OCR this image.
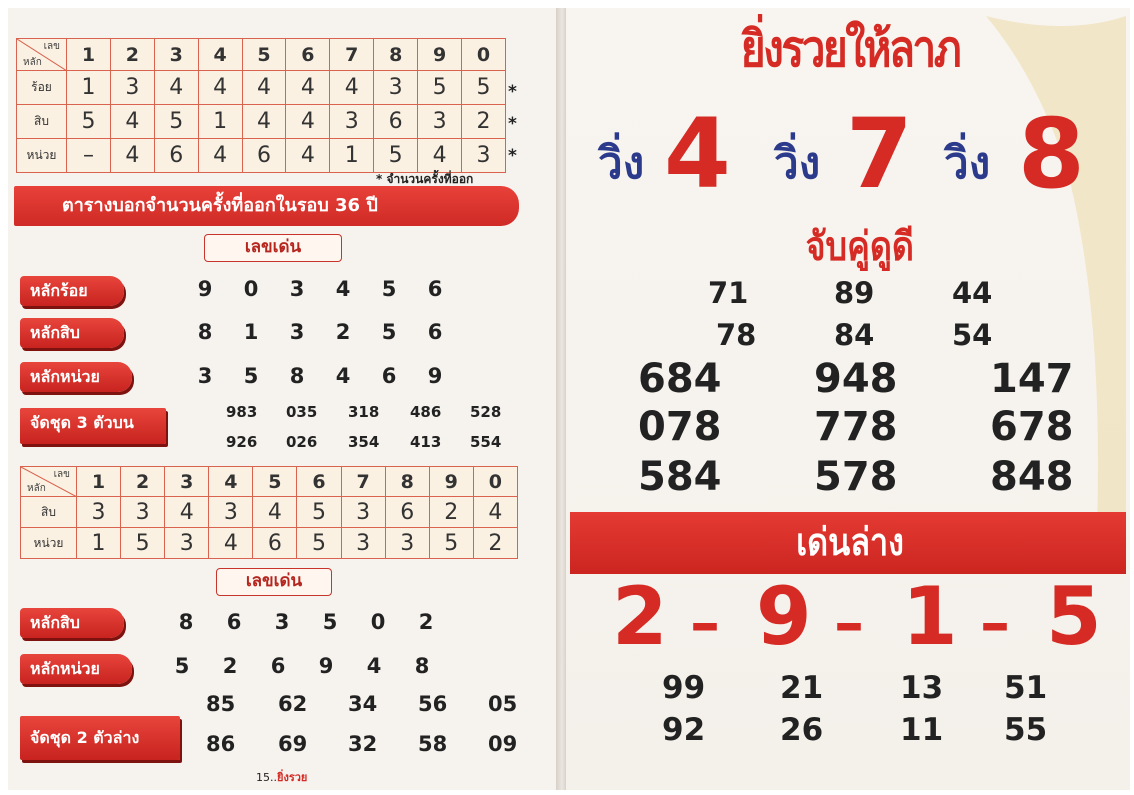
เลข
หลัก	1	2	3	4	5	6	7	8	9	0
ร้อย	1	3	4	4	4	4	4	3	5	5
สิบ	5	4	5	1	4	4	3	6	3	2
หน่วย	–	4	6	4	6	4	1	5	4	3
*
*
*
* จำนวนครั้งที่ออก
ตารางบอกจำนวนครั้งที่ออกในรอบ 36 ปี
เลขเด่น
หลักร้อย	9	0	3	4	5	6
หลักสิบ	8	1	3	2	5	6
หลักหน่วย	3	5	8	4	6	9
จัดชุด 3 ตัวบน
983 035 318 486 528
926 026 354 413 554
เลข
หลัก	1	2	3	4	5	6	7	8	9	0
สิบ	3	3	4	3	4	5	3	6	2	4
หน่วย	1	5	3	4	6	5	3	3	5	2
เลขเด่น
หลักสิบ	8	6	3	5	0	2
หลักหน่วย	5	2	6	9	4	8
จัดชุด 2 ตัวล่าง
85 62 34 56 05
86 69 32 58 09
15..ยิ่งรวย
ยิ่งรวยให้ลาภ
วิ่ง 4 วิ่ง 7 วิ่ง 8
จับคู่ดูดี
71	89	44
78	84	54
684 948 147
078 778 678
584 578 848
เด่นล่าง
2 – 9 – 1 – 5
99 21 13 51
92 26 11 55
